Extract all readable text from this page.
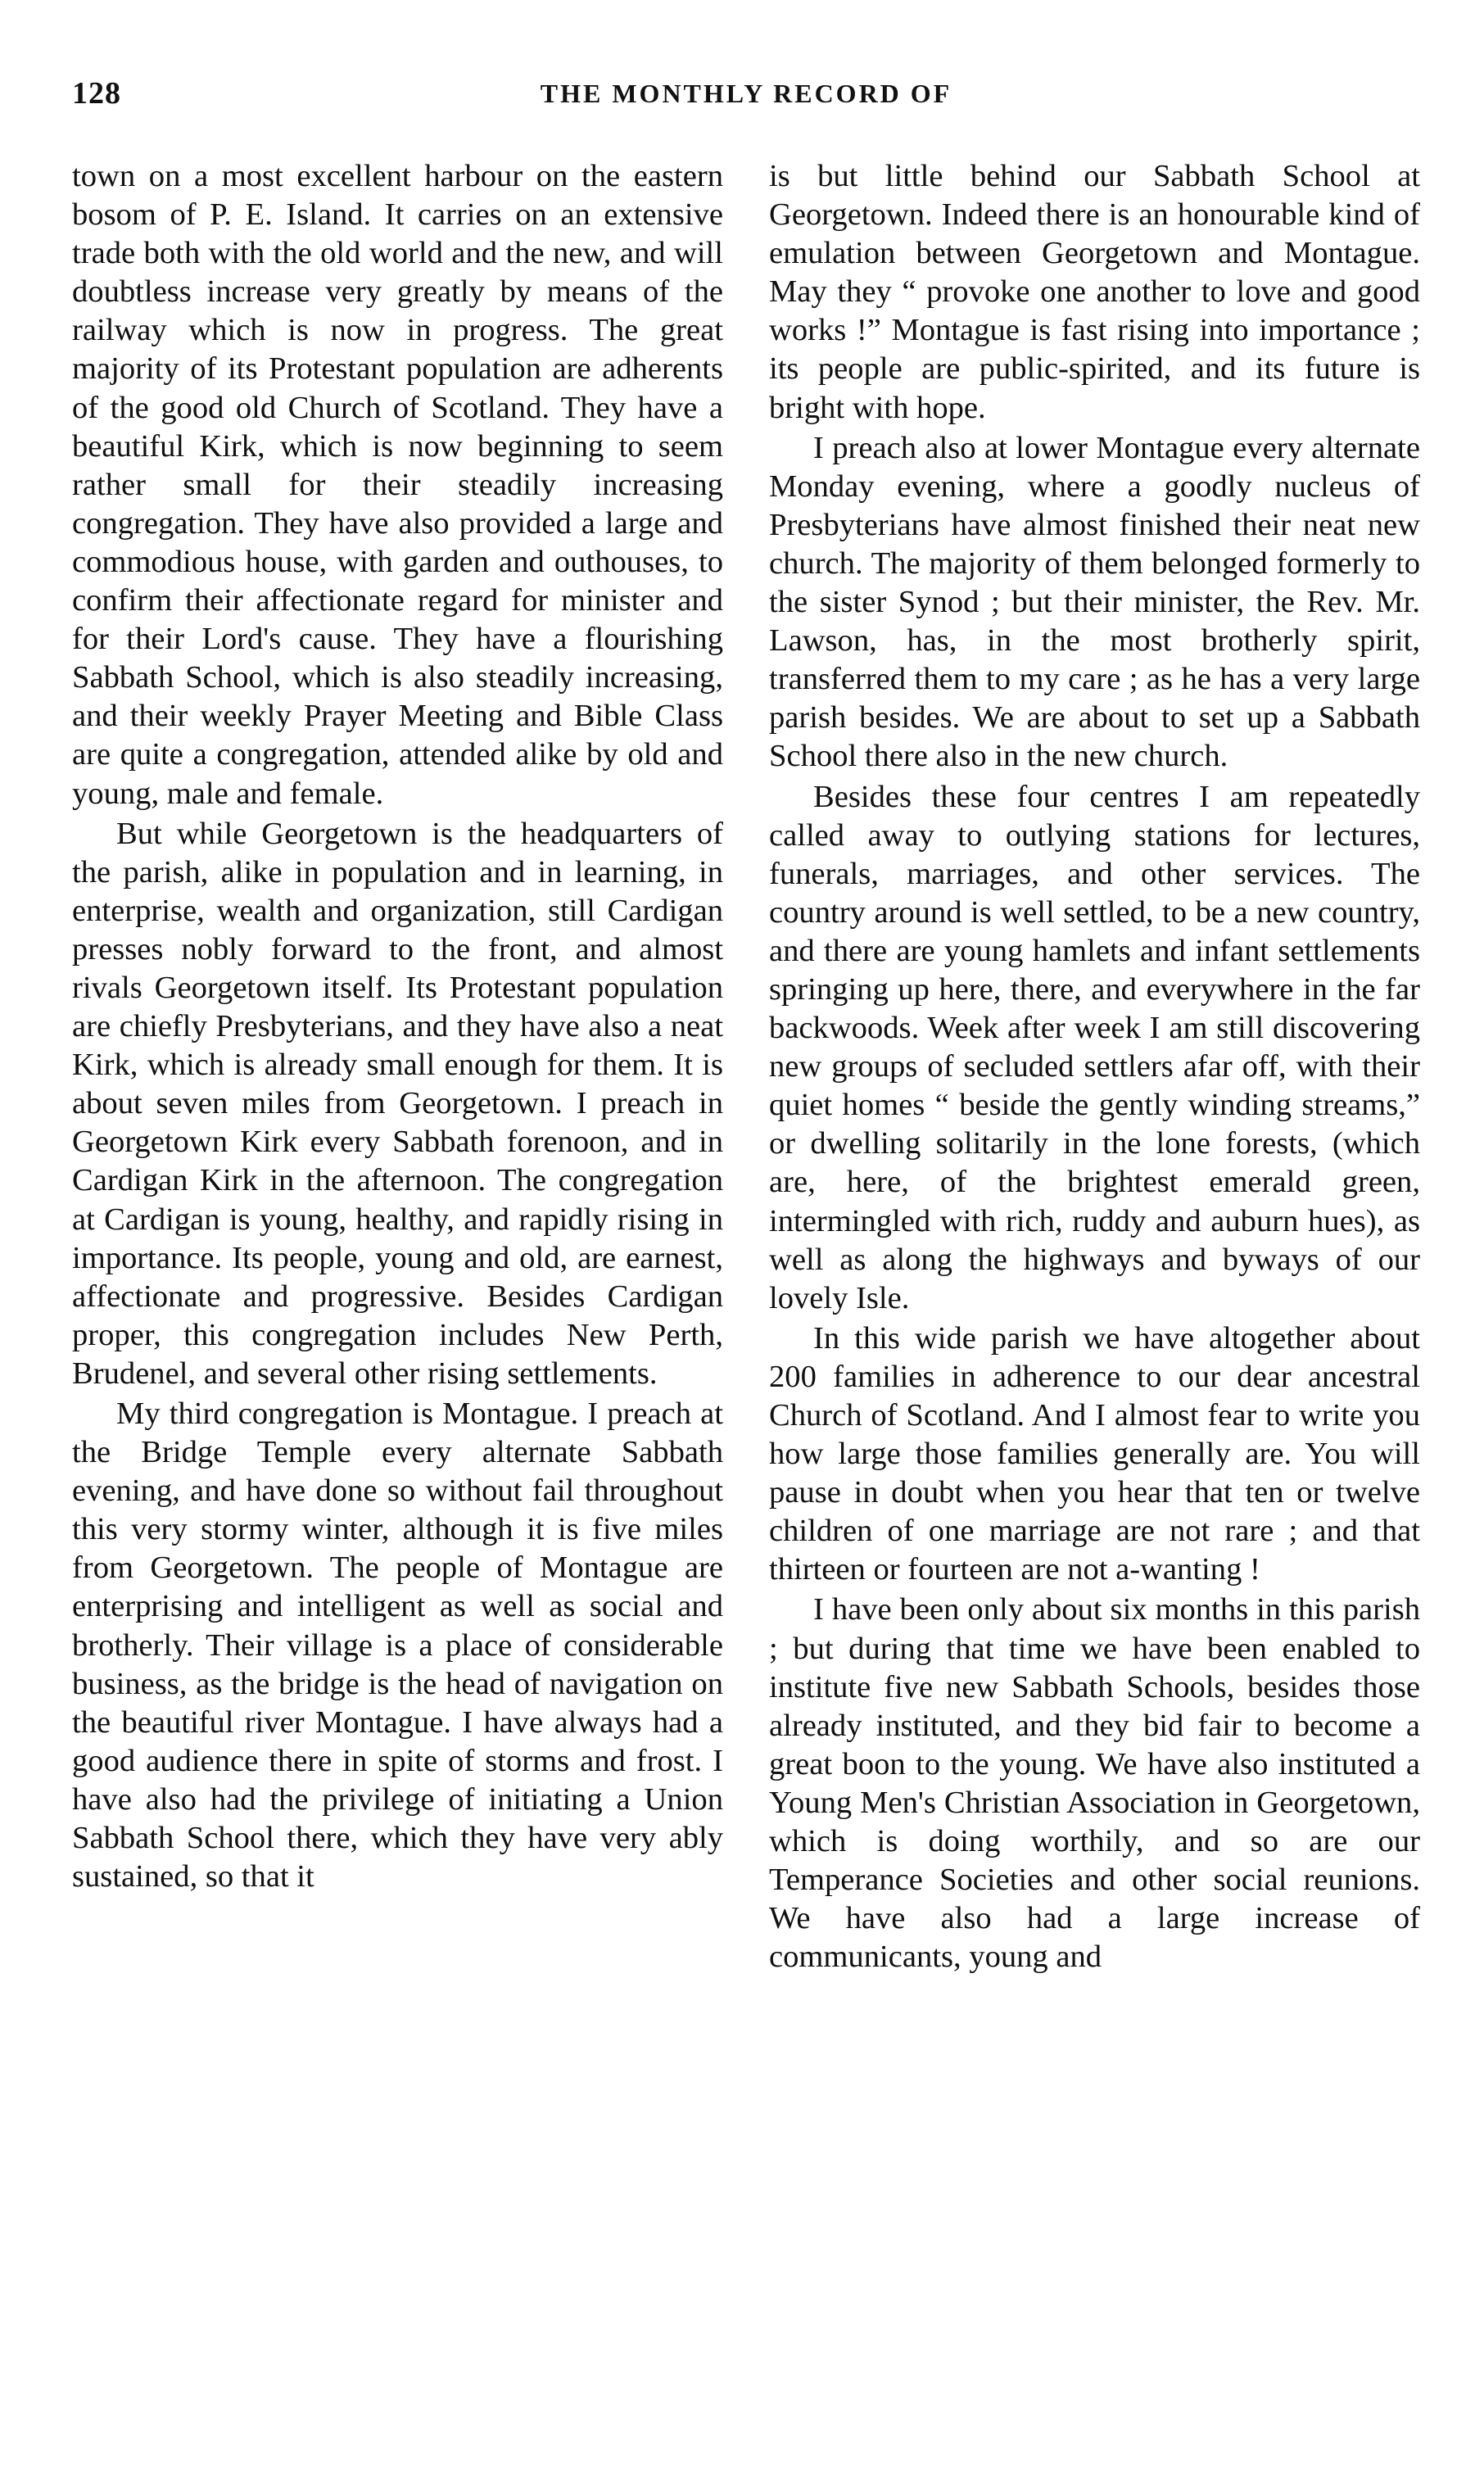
128	THE MONTHLY RECORD OF

town on a most excellent harbour on the eastern bosom of P. E. Island. It carries on an extensive trade both with the old world and the new, and will doubtless increase very greatly by means of the railway which is now in progress. The great majority of its Protestant population are adherents of the good old Church of Scotland. They have a beautiful Kirk, which is now beginning to seem rather small for their steadily increasing congregation. They have also provided a large and commodious house, with garden and outhouses, to confirm their affectionate regard for minister and for their Lord's cause. They have a flourishing Sabbath School, which is also steadily increasing, and their weekly Prayer Meeting and Bible Class are quite a congregation, attended alike by old and young, male and female.

But while Georgetown is the headquarters of the parish, alike in population and in learning, in enterprise, wealth and organization, still Cardigan presses nobly forward to the front, and almost rivals Georgetown itself. Its Protestant population are chiefly Presbyterians, and they have also a neat Kirk, which is already small enough for them. It is about seven miles from Georgetown. I preach in Georgetown Kirk every Sabbath forenoon, and in Cardigan Kirk in the afternoon. The congregation at Cardigan is young, healthy, and rapidly rising in importance. Its people, young and old, are earnest, affectionate and progressive. Besides Cardigan proper, this congregation includes New Perth, Brudenel, and several other rising settlements.

My third congregation is Montague. I preach at the Bridge Temple every alternate Sabbath evening, and have done so without fail throughout this very stormy winter, although it is five miles from Georgetown. The people of Montague are enterprising and intelligent as well as social and brotherly. Their village is a place of considerable business, as the bridge is the head of navigation on the beautiful river Montague. I have always had a good audience there in spite of storms and frost. I have also had the privilege of initiating a Union Sabbath School there, which they have very ably sustained, so that it

is but little behind our Sabbath School at Georgetown. Indeed there is an honourable kind of emulation between Georgetown and Montague. May they “ provoke one another to love and good works !” Montague is fast rising into importance ; its people are public-spirited, and its future is bright with hope.

I preach also at lower Montague every alternate Monday evening, where a goodly nucleus of Presbyterians have almost finished their neat new church. The majority of them belonged formerly to the sister Synod ; but their minister, the Rev. Mr. Lawson, has, in the most brotherly spirit, transferred them to my care ; as he has a very large parish besides. We are about to set up a Sabbath School there also in the new church.

Besides these four centres I am repeatedly called away to outlying stations for lectures, funerals, marriages, and other services. The country around is well settled, to be a new country, and there are young hamlets and infant settlements springing up here, there, and everywhere in the far backwoods. Week after week I am still discovering new groups of secluded settlers afar off, with their quiet homes “ beside the gently winding streams,” or dwelling solitarily in the lone forests, (which are, here, of the brightest emerald green, intermingled with rich, ruddy and auburn hues), as well as along the highways and byways of our lovely Isle.

In this wide parish we have altogether about 200 families in adherence to our dear ancestral Church of Scotland. And I almost fear to write you how large those families generally are. You will pause in doubt when you hear that ten or twelve children of one marriage are not rare ; and that thirteen or fourteen are not a-wanting !

I have been only about six months in this parish ; but during that time we have been enabled to institute five new Sabbath Schools, besides those already instituted, and they bid fair to become a great boon to the young. We have also instituted a Young Men's Christian Association in Georgetown, which is doing worthily, and so are our Temperance Societies and other social reunions. We have also had a large increase of communicants, young and
